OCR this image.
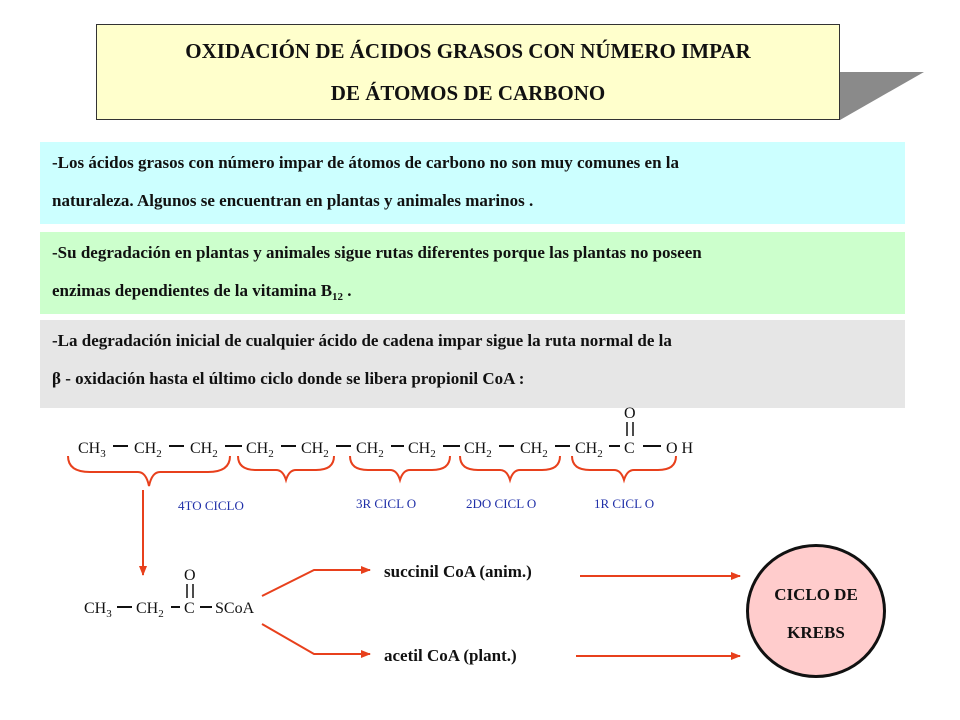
OXIDACIÓN DE ÁCIDOS GRASOS CON NÚMERO IMPAR
DE ÁTOMOS DE CARBONO
-Los ácidos grasos con número impar de átomos de carbono no son muy comunes en la
naturaleza. Algunos se encuentran en plantas y animales marinos .
-Su degradación en plantas y animales sigue rutas diferentes porque las plantas no poseen
enzimas dependientes de la vitamina $B_{12}$ .
-La degradación inicial de cualquier ácido de cadena impar sigue la ruta normal de la
β - oxidación hasta el último ciclo donde se libera propionil CoA :
$CH_3$ $CH_2$ $CH_2$ $CH_2$ $CH_2$ $CH_2$ $CH_2$ $CH_2$ $CH_2$ $CH_2$
O
C O H
4TO CICLO	3R CICL O	2DO CICL O	1R CICL O
$CH_3$ $CH_2$
O
C SCoA
succinil CoA (anim.)
acetil CoA (plant.)
CICLO DE
KREBS
